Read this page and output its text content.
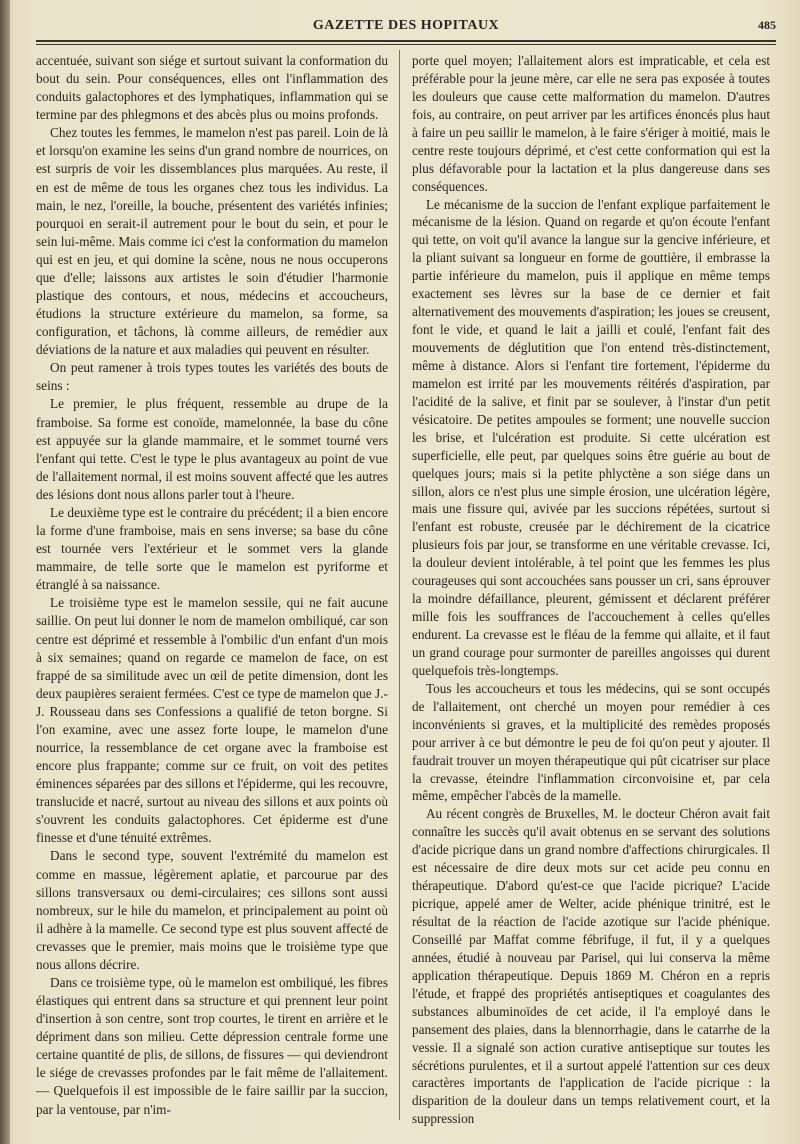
GAZETTE DES HOPITAUX	485

accentuée, suivant son siége et surtout suivant la conformation du bout du sein. Pour conséquences, elles ont l'inflammation des conduits galactophores et des lymphatiques, inflammation qui se termine par des phlegmons et des abcès plus ou moins profonds.

Chez toutes les femmes, le mamelon n'est pas pareil. Loin de là et lorsqu'on examine les seins d'un grand nombre de nourrices, on est surpris de voir les dissemblances plus marquées. Au reste, il en est de même de tous les organes chez tous les individus. La main, le nez, l'oreille, la bouche, présentent des variétés infinies; pourquoi en serait-il autrement pour le bout du sein, et pour le sein lui-même. Mais comme ici c'est la conformation du mamelon qui est en jeu, et qui domine la scène, nous ne nous occuperons que d'elle; laissons aux artistes le soin d'étudier l'harmonie plastique des contours, et nous, médecins et accoucheurs, étudions la structure extérieure du mamelon, sa forme, sa configuration, et tâchons, là comme ailleurs, de remédier aux déviations de la nature et aux maladies qui peuvent en résulter.

On peut ramener à trois types toutes les variétés des bouts de seins :

Le premier, le plus fréquent, ressemble au drupe de la framboise. Sa forme est conoïde, mamelonnée, la base du cône est appuyée sur la glande mammaire, et le sommet tourné vers l'enfant qui tette. C'est le type le plus avantageux au point de vue de l'allaitement normal, il est moins souvent affecté que les autres des lésions dont nous allons parler tout à l'heure.

Le deuxième type est le contraire du précédent; il a bien encore la forme d'une framboise, mais en sens inverse; sa base du cône est tournée vers l'extérieur et le sommet vers la glande mammaire, de telle sorte que le mamelon est pyriforme et étranglé à sa naissance.

Le troisième type est le mamelon sessile, qui ne fait aucune saillie. On peut lui donner le nom de mamelon ombiliqué, car son centre est déprimé et ressemble à l'ombilic d'un enfant d'un mois à six semaines; quand on regarde ce mamelon de face, on est frappé de sa similitude avec un œil de petite dimension, dont les deux paupières seraient fermées. C'est ce type de mamelon que J.-J. Rousseau dans ses Confessions a qualifié de teton borgne. Si l'on examine, avec une assez forte loupe, le mamelon d'une nourrice, la ressemblance de cet organe avec la framboise est encore plus frappante; comme sur ce fruit, on voit des petites éminences séparées par des sillons et l'épiderme, qui les recouvre, translucide et nacré, surtout au niveau des sillons et aux points où s'ouvrent les conduits galactophores. Cet épiderme est d'une finesse et d'une ténuité extrêmes.

Dans le second type, souvent l'extrémité du mamelon est comme en massue, légèrement aplatie, et parcourue par des sillons transversaux ou demi-circulaires; ces sillons sont aussi nombreux, sur le hile du mamelon, et principalement au point où il adhère à la mamelle. Ce second type est plus souvent affecté de crevasses que le premier, mais moins que le troisième type que nous allons décrire.

Dans ce troisième type, où le mamelon est ombiliqué, les fibres élastiques qui entrent dans sa structure et qui prennent leur point d'insertion à son centre, sont trop courtes, le tirent en arrière et le dépriment dans son milieu. Cette dépression centrale forme une certaine quantité de plis, de sillons, de fissures — qui deviendront le siége de crevasses profondes par le fait même de l'allaitement. — Quelquefois il est impossible de le faire saillir par la succion, par la ventouse, par n'im-

porte quel moyen; l'allaitement alors est impraticable, et cela est préférable pour la jeune mère, car elle ne sera pas exposée à toutes les douleurs que cause cette malformation du mamelon. D'autres fois, au contraire, on peut arriver par les artifices énoncés plus haut à faire un peu saillir le mamelon, à le faire s'ériger à moitié, mais le centre reste toujours déprimé, et c'est cette conformation qui est la plus défavorable pour la lactation et la plus dangereuse dans ses conséquences.

Le mécanisme de la succion de l'enfant explique parfaitement le mécanisme de la lésion. Quand on regarde et qu'on écoute l'enfant qui tette, on voit qu'il avance la langue sur la gencive inférieure, et la pliant suivant sa longueur en forme de gouttière, il embrasse la partie inférieure du mamelon, puis il applique en même temps exactement ses lèvres sur la base de ce dernier et fait alternativement des mouvements d'aspiration; les joues se creusent, font le vide, et quand le lait a jailli et coulé, l'enfant fait des mouvements de déglutition que l'on entend très-distinctement, même à distance. Alors si l'enfant tire fortement, l'épiderme du mamelon est irrité par les mouvements réitérés d'aspiration, par l'acidité de la salive, et finit par se soulever, à l'instar d'un petit vésicatoire. De petites ampoules se forment; une nouvelle succion les brise, et l'ulcération est produite. Si cette ulcération est superficielle, elle peut, par quelques soins être guérie au bout de quelques jours; mais si la petite phlyctène a son siége dans un sillon, alors ce n'est plus une simple érosion, une ulcération légère, mais une fissure qui, avivée par les succions répétées, surtout si l'enfant est robuste, creusée par le déchirement de la cicatrice plusieurs fois par jour, se transforme en une véritable crevasse. Ici, la douleur devient intolérable, à tel point que les femmes les plus courageuses qui sont accouchées sans pousser un cri, sans éprouver la moindre défaillance, pleurent, gémissent et déclarent préférer mille fois les souffrances de l'accouchement à celles qu'elles endurent. La crevasse est le fléau de la femme qui allaite, et il faut un grand courage pour surmonter de pareilles angoisses qui durent quelquefois très-longtemps.

Tous les accoucheurs et tous les médecins, qui se sont occupés de l'allaitement, ont cherché un moyen pour remédier à ces inconvénients si graves, et la multiplicité des remèdes proposés pour arriver à ce but démontre le peu de foi qu'on peut y ajouter. Il faudrait trouver un moyen thérapeutique qui pût cicatriser sur place la crevasse, éteindre l'inflammation circonvoisine et, par cela même, empêcher l'abcès de la mamelle.

Au récent congrès de Bruxelles, M. le docteur Chéron avait fait connaître les succès qu'il avait obtenus en se servant des solutions d'acide picrique dans un grand nombre d'affections chirurgicales. Il est nécessaire de dire deux mots sur cet acide peu connu en thérapeutique. D'abord qu'est-ce que l'acide picrique? L'acide picrique, appelé amer de Welter, acide phénique trinitré, est le résultat de la réaction de l'acide azotique sur l'acide phénique. Conseillé par Maffat comme fébrifuge, il fut, il y a quelques années, étudié à nouveau par Parisel, qui lui conserva la même application thérapeutique. Depuis 1869 M. Chéron en a repris l'étude, et frappé des propriétés antiseptiques et coagulantes des substances albuminoïdes de cet acide, il l'a employé dans le pansement des plaies, dans la blennorrhagie, dans le catarrhe de la vessie. Il a signalé son action curative antiseptique sur toutes les sécrétions purulentes, et il a surtout appelé l'attention sur ces deux caractères importants de l'application de l'acide picrique : la disparition de la douleur dans un temps relativement court, et la suppression
